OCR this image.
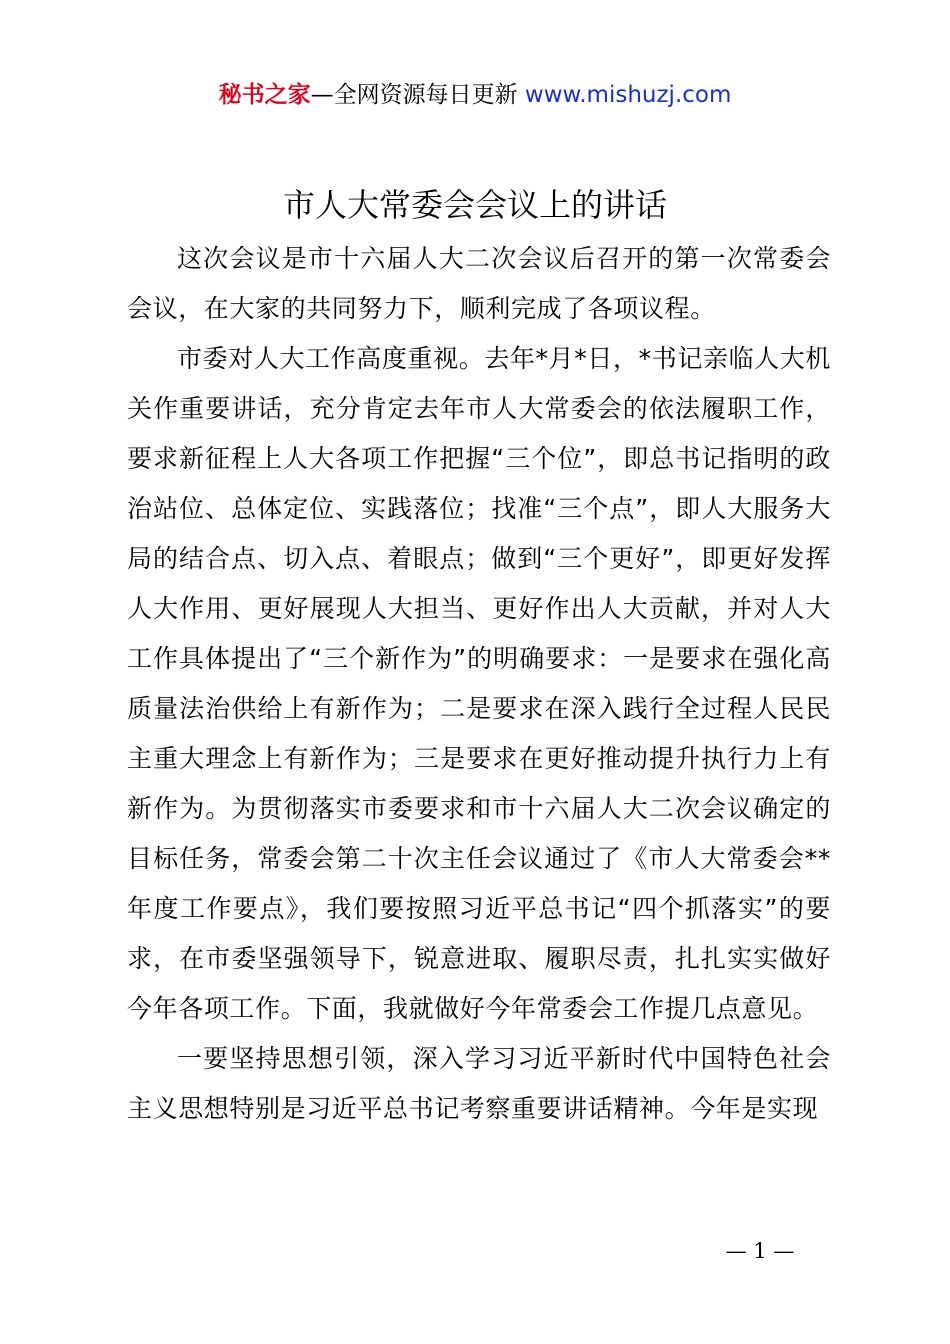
秘书之家—全网资源每日更新 www.mishuzj.com
市人大常委会会议上的讲话

这次会议是市十六届人大二次会议后召开的第一次常委会会议，在大家的共同努力下，顺利完成了各项议程。

市委对人大工作高度重视。去年*月*日，*书记亲临人大机关作重要讲话，充分肯定去年市人大常委会的依法履职工作，要求新征程上人大各项工作把握“三个位”，即总书记指明的政治站位、总体定位、实践落位；找准“三个点”，即人大服务大局的结合点、切入点、着眼点；做到“三个更好”，即更好发挥人大作用、更好展现人大担当、更好作出人大贡献，并对人大工作具体提出了“三个新作为”的明确要求：一是要求在强化高质量法治供给上有新作为；二是要求在深入践行全过程人民民主重大理念上有新作为；三是要求在更好推动提升执行力上有新作为。为贯彻落实市委要求和市十六届人大二次会议确定的目标任务，常委会第二十次主任会议通过了《市人大常委会**年度工作要点》，我们要按照习近平总书记“四个抓落实”的要求，在市委坚强领导下，锐意进取、履职尽责，扎扎实实做好今年各项工作。下面，我就做好今年常委会工作提几点意见。

一要坚持思想引领，深入学习习近平新时代中国特色社会主义思想特别是习近平总书记考察重要讲话精神。今年是实现

— 1 —
